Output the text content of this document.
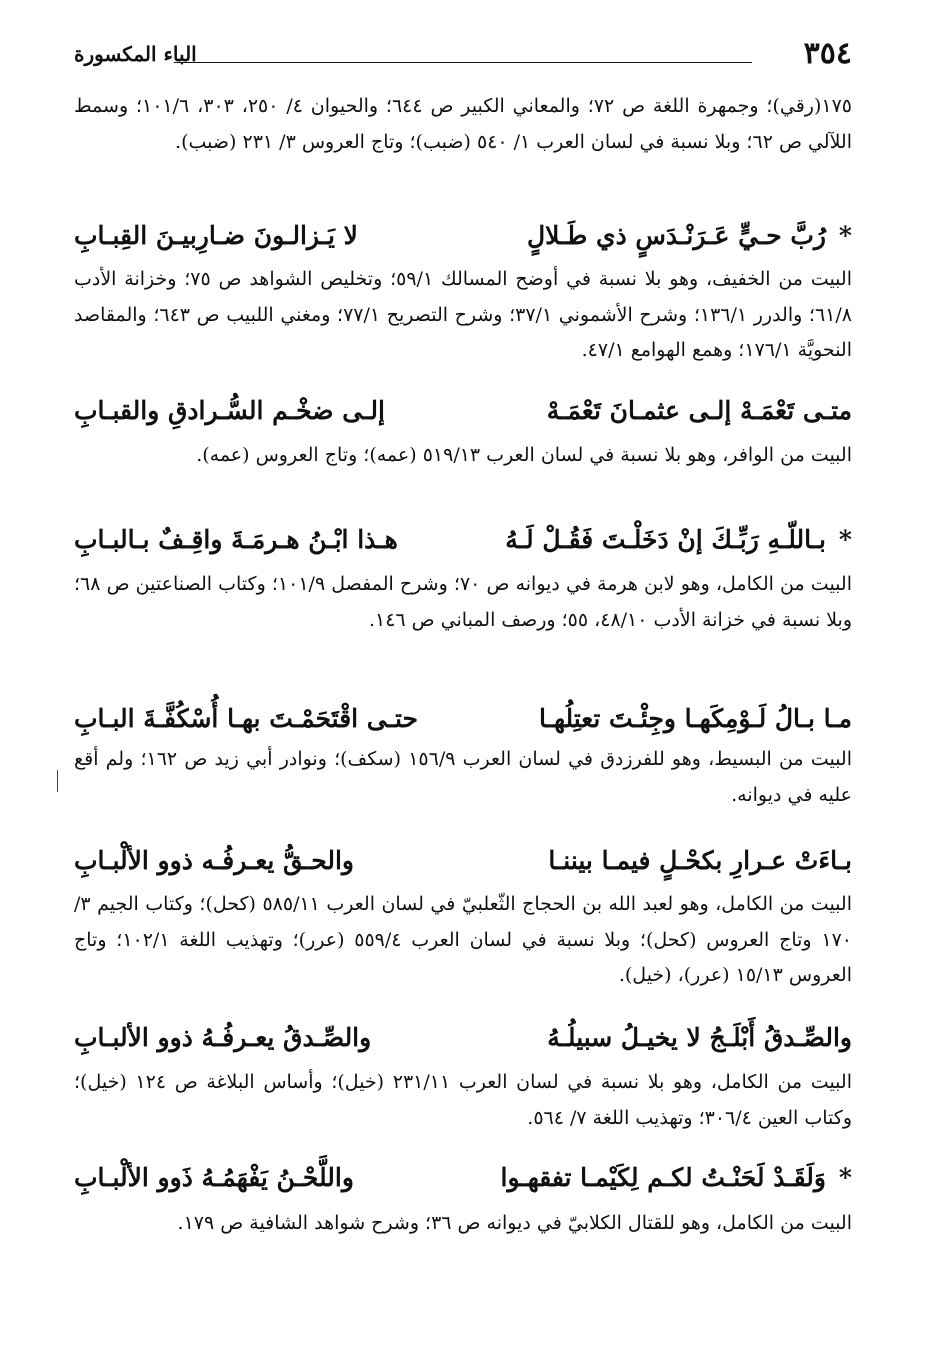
٣٥٤
الباء المكسورة
١٧٥(رقي)؛ وجمهرة اللغة ص ٧٢؛ والمعاني الكبير ص ٦٤٤؛ والحيوان ٤/ ٢٥٠، ٣٠٣، ١٠١/٦؛ وسمط اللآلي ص ٦٢؛ وبلا نسبة في لسان العرب ١/ ٥٤٠ (ضبب)؛ وتاج العروس ٣/ ٢٣١ (ضبب).
*
رُبَّ حـيٍّ عَـرَنْـدَسٍ ذي طَـلالٍ
لا يَـزالـونَ ضـارِبيـنَ القِبـابِ
البيت من الخفيف، وهو بلا نسبة في أوضح المسالك ٥٩/١؛ وتخليص الشواهد ص ٧٥؛ وخزانة الأدب ٦١/٨؛ والدرر ١٣٦/١؛ وشرح الأشموني ٣٧/١؛ وشرح التصريح ٧٧/١؛ ومغني اللبيب ص ٦٤٣؛ والمقاصد النحويَّة ١٧٦/١؛ وهمع الهوامع ٤٧/١.
متـى تَعْمَـهْ إلـى عثمـانَ تَعْمَـهْ
إلـى ضخْـم السُّـرادقِ والقبـابِ
البيت من الوافر، وهو بلا نسبة في لسان العرب ٥١٩/١٣ (عمه)؛ وتاج العروس (عمه).
*
بـاللّـهِ رَبِّـكَ إنْ دَخَلْـتَ فَقُـلْ لَـهُ
هـذا ابْـنُ هـرمَـةَ واقِـفٌ بـالبـابِ
البيت من الكامل، وهو لابن هرمة في ديوانه ص ٧٠؛ وشرح المفصل ١٠١/٩؛ وكتاب الصناعتين ص ٦٨؛ وبلا نسبة في خزانة الأدب ٤٨/١٠، ٥٥؛ ورصف المباني ص ١٤٦.
مـا بـالُ لَـوْمِكَهـا وجِئْـتَ تعتِلُهـا
حتـى اقْتَحَمْـتَ بهـا أُسْكُفَّـةَ البـابِ
البيت من البسيط، وهو للفرزدق في لسان العرب ١٥٦/٩ (سكف)؛ ونوادر أبي زيد ص ١٦٢؛ ولم أقع عليه في ديوانه.
بـاءَتْ عـرارِ بكحْـلٍ فيمـا بيننـا
والحـقُّ يعـرفُـه ذوو الألْبـابِ
البيت من الكامل، وهو لعبد الله بن الحجاج الثّعلبيّ في لسان العرب ٥٨٥/١١ (كحل)؛ وكتاب الجيم ٣/ ١٧٠ وتاج العروس (كحل)؛ وبلا نسبة في لسان العرب ٥٥٩/٤ (عرر)؛ وتهذيب اللغة ١٠٢/١؛ وتاج العروس ١٥/١٣ (عرر)، (خيل).
والصِّـدقُ أَبْلَـجُ لا يخيـلُ سبيلُـهُ
والصِّـدقُ يعـرفُـهُ ذوو الألبـابِ
البيت من الكامل، وهو بلا نسبة في لسان العرب ٢٣١/١١ (خيل)؛ وأساس البلاغة ص ١٢٤ (خيل)؛ وكتاب العين ٣٠٦/٤؛ وتهذيب اللغة ٧/ ٥٦٤.
*
وَلَقَـدْ لَحَنْـتُ لكـم لِكَيْمـا تفقهـوا
واللَّحْـنُ يَفْهَمُـهُ ذَوو الألْبـابِ
البيت من الكامل، وهو للقتال الكلابيّ في ديوانه ص ٣٦؛ وشرح شواهد الشافية ص ١٧٩.
